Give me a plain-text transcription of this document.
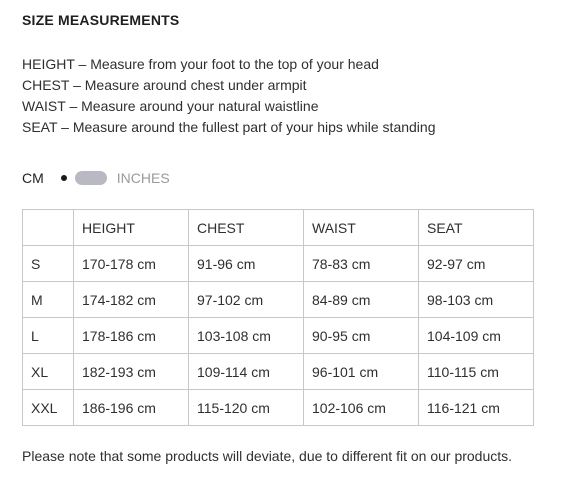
SIZE MEASUREMENTS
HEIGHT – Measure from your foot to the top of your head
CHEST – Measure around chest under armpit
WAIST – Measure around your natural waistline
SEAT – Measure around the fullest part of your hips while standing
CM	INCHES
	HEIGHT	CHEST	WAIST	SEAT
S	170-178 cm	91-96 cm	78-83 cm	92-97 cm
M	174-182 cm	97-102 cm	84-89 cm	98-103 cm
L	178-186 cm	103-108 cm	90-95 cm	104-109 cm
XL	182-193 cm	109-114 cm	96-101 cm	110-115 cm
XXL	186-196 cm	115-120 cm	102-106 cm	116-121 cm
Please note that some products will deviate, due to different fit on our products.
